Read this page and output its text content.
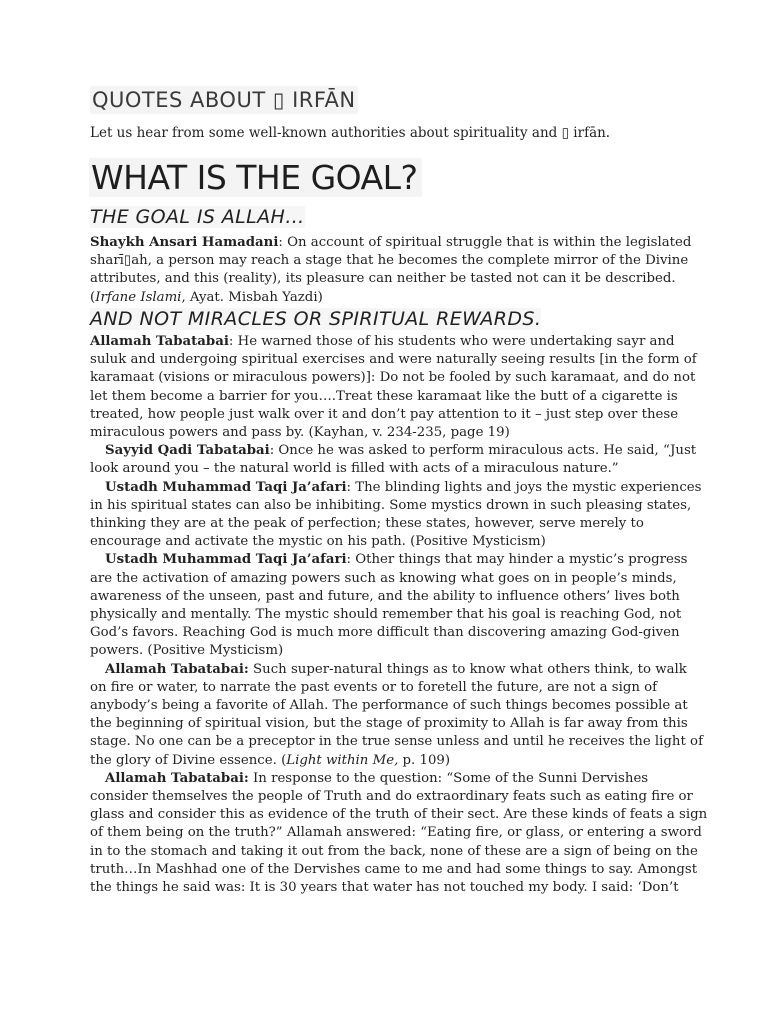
QUOTES ABOUT ▯ IRFĀN
Let us hear from some well-known authorities about spirituality and ▯ irfān.
WHAT IS THE GOAL?
THE GOAL IS ALLAH…
Shaykh Ansari Hamadani: On account of spiritual struggle that is within the legislated
sharī▯ah, a person may reach a stage that he becomes the complete mirror of the Divine
attributes, and this (reality), its pleasure can neither be tasted not can it be described.
(Irfane Islami, Ayat. Misbah Yazdi)
AND NOT MIRACLES OR SPIRITUAL REWARDS.
Allamah Tabatabai: He warned those of his students who were undertaking sayr and
suluk and undergoing spiritual exercises and were naturally seeing results [in the form of
karamaat (visions or miraculous powers)]: Do not be fooled by such karamaat, and do not
let them become a barrier for you….Treat these karamaat like the butt of a cigarette is
treated, how people just walk over it and don’t pay attention to it – just step over these
miraculous powers and pass by. (Kayhan, v. 234-235, page 19)
Sayyid Qadi Tabatabai: Once he was asked to perform miraculous acts. He said, “Just
look around you – the natural world is filled with acts of a miraculous nature.”
Ustadh Muhammad Taqi Ja’afari: The blinding lights and joys the mystic experiences
in his spiritual states can also be inhibiting. Some mystics drown in such pleasing states,
thinking they are at the peak of perfection; these states, however, serve merely to
encourage and activate the mystic on his path. (Positive Mysticism)
Ustadh Muhammad Taqi Ja’afari: Other things that may hinder a mystic’s progress
are the activation of amazing powers such as knowing what goes on in people’s minds,
awareness of the unseen, past and future, and the ability to influence others’ lives both
physically and mentally. The mystic should remember that his goal is reaching God, not
God’s favors. Reaching God is much more difficult than discovering amazing God-given
powers. (Positive Mysticism)
Allamah Tabatabai: Such super-natural things as to know what others think, to walk
on fire or water, to narrate the past events or to foretell the future, are not a sign of
anybody’s being a favorite of Allah. The performance of such things becomes possible at
the beginning of spiritual vision, but the stage of proximity to Allah is far away from this
stage. No one can be a preceptor in the true sense unless and until he receives the light of
the glory of Divine essence. (Light within Me, p. 109)
Allamah Tabatabai: In response to the question: “Some of the Sunni Dervishes
consider themselves the people of Truth and do extraordinary feats such as eating fire or
glass and consider this as evidence of the truth of their sect. Are these kinds of feats a sign
of them being on the truth?” Allamah answered: “Eating fire, or glass, or entering a sword
in to the stomach and taking it out from the back, none of these are a sign of being on the
truth…In Mashhad one of the Dervishes came to me and had some things to say. Amongst
the things he said was: It is 30 years that water has not touched my body. I said: ‘Don’t
